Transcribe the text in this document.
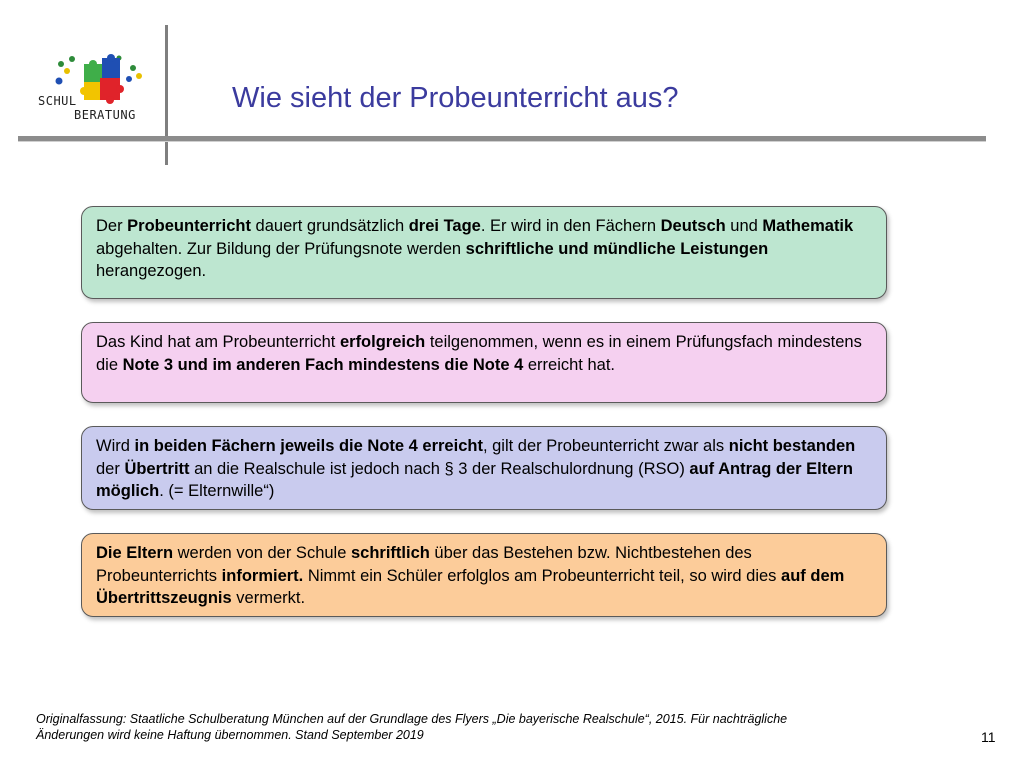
SCHUL
BERATUNG
Wie sieht der Probeunterricht aus?

Der Probeunterricht dauert grundsätzlich drei Tage. Er wird in den Fächern Deutsch und Mathematik abgehalten. Zur Bildung der Prüfungsnote werden schriftliche und mündliche Leistungen herangezogen.

Das Kind hat am Probeunterricht erfolgreich teilgenommen, wenn es in einem Prüfungsfach mindestens die Note 3 und im anderen Fach mindestens die Note 4 erreicht hat.

Wird in beiden Fächern jeweils die Note 4 erreicht, gilt der Probeunterricht zwar als nicht bestanden der Übertritt an die Realschule ist jedoch nach § 3 der Realschulordnung (RSO) auf Antrag der Eltern möglich. (= Elternwille“)

Die Eltern werden von der Schule schriftlich über das Bestehen bzw. Nichtbestehen des Probeunterrichts informiert. Nimmt ein Schüler erfolglos am Probeunterricht teil, so wird dies auf dem Übertrittszeugnis vermerkt.

Originalfassung: Staatliche Schulberatung München auf der Grundlage des Flyers „Die bayerische Realschule“, 2015. Für nachträgliche
Änderungen wird keine Haftung übernommen. Stand September 2019	11
